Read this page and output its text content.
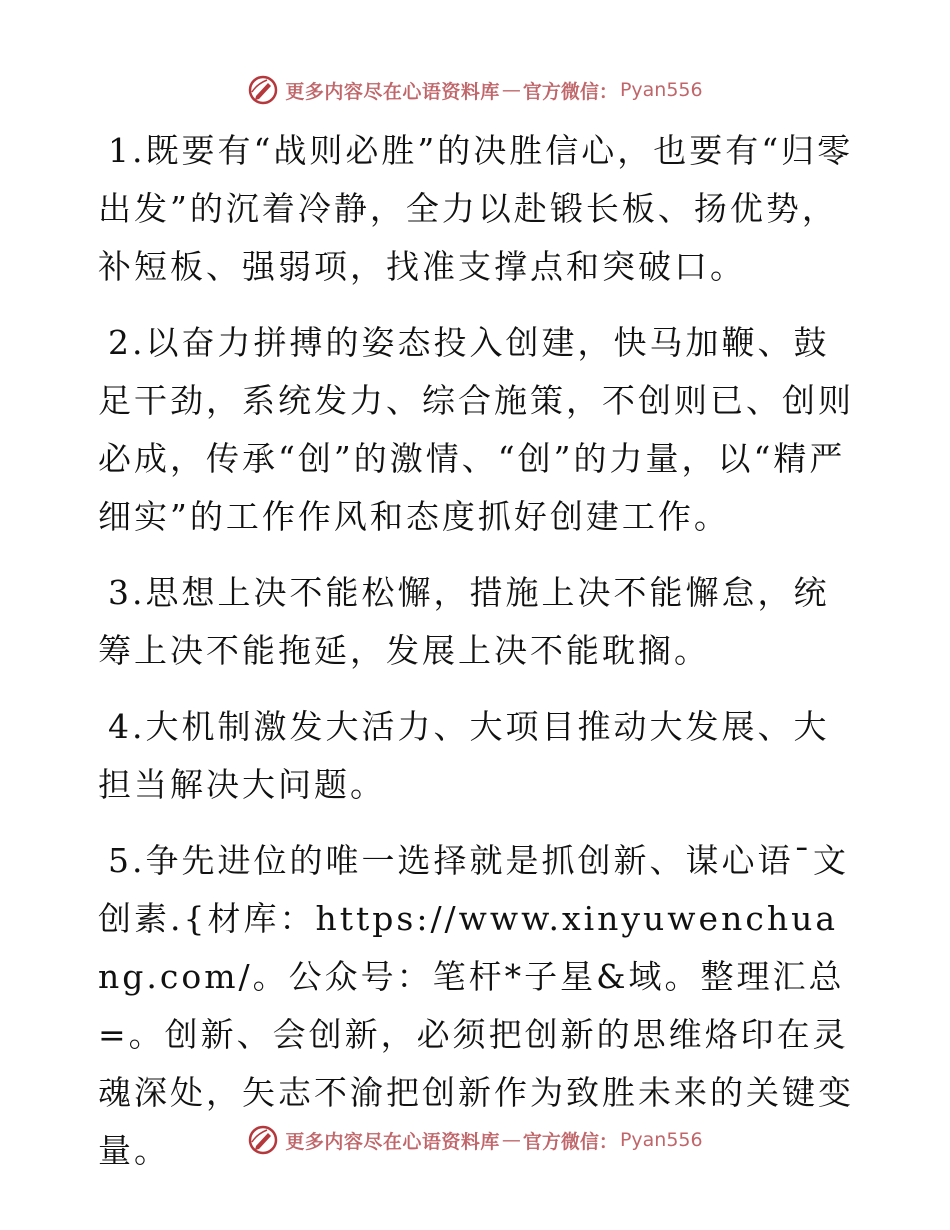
更多内容尽在心语资料库 — 官方微信： Pyan556

1.既要有“战则必胜”的决胜信心，也要有“归零出发”的沉着冷静，全力以赴锻长板、扬优势，补短板、强弱项，找准支撑点和突破口。

2.以奋力拼搏的姿态投入创建，快马加鞭、鼓足干劲，系统发力、综合施策，不创则已、创则必成，传承“创”的激情、“创”的力量，以“精严细实”的工作作风和态度抓好创建工作。

3.思想上决不能松懈，措施上决不能懈怠，统筹上决不能拖延，发展上决不能耽搁。

4.大机制激发大活力、大项目推动大发展、大担当解决大问题。

5.争先进位的唯一选择就是抓创新、谋心语¯文创素.{材库：https://www.xinyuwenchuang.com/。公众号：笔杆*子星&域。整理汇总=。创新、会创新，必须把创新的思维烙印在灵魂深处，矢志不渝把创新作为致胜未来的关键变量。	更多内容尽在心语资料库 — 官方微信： Pyan556
